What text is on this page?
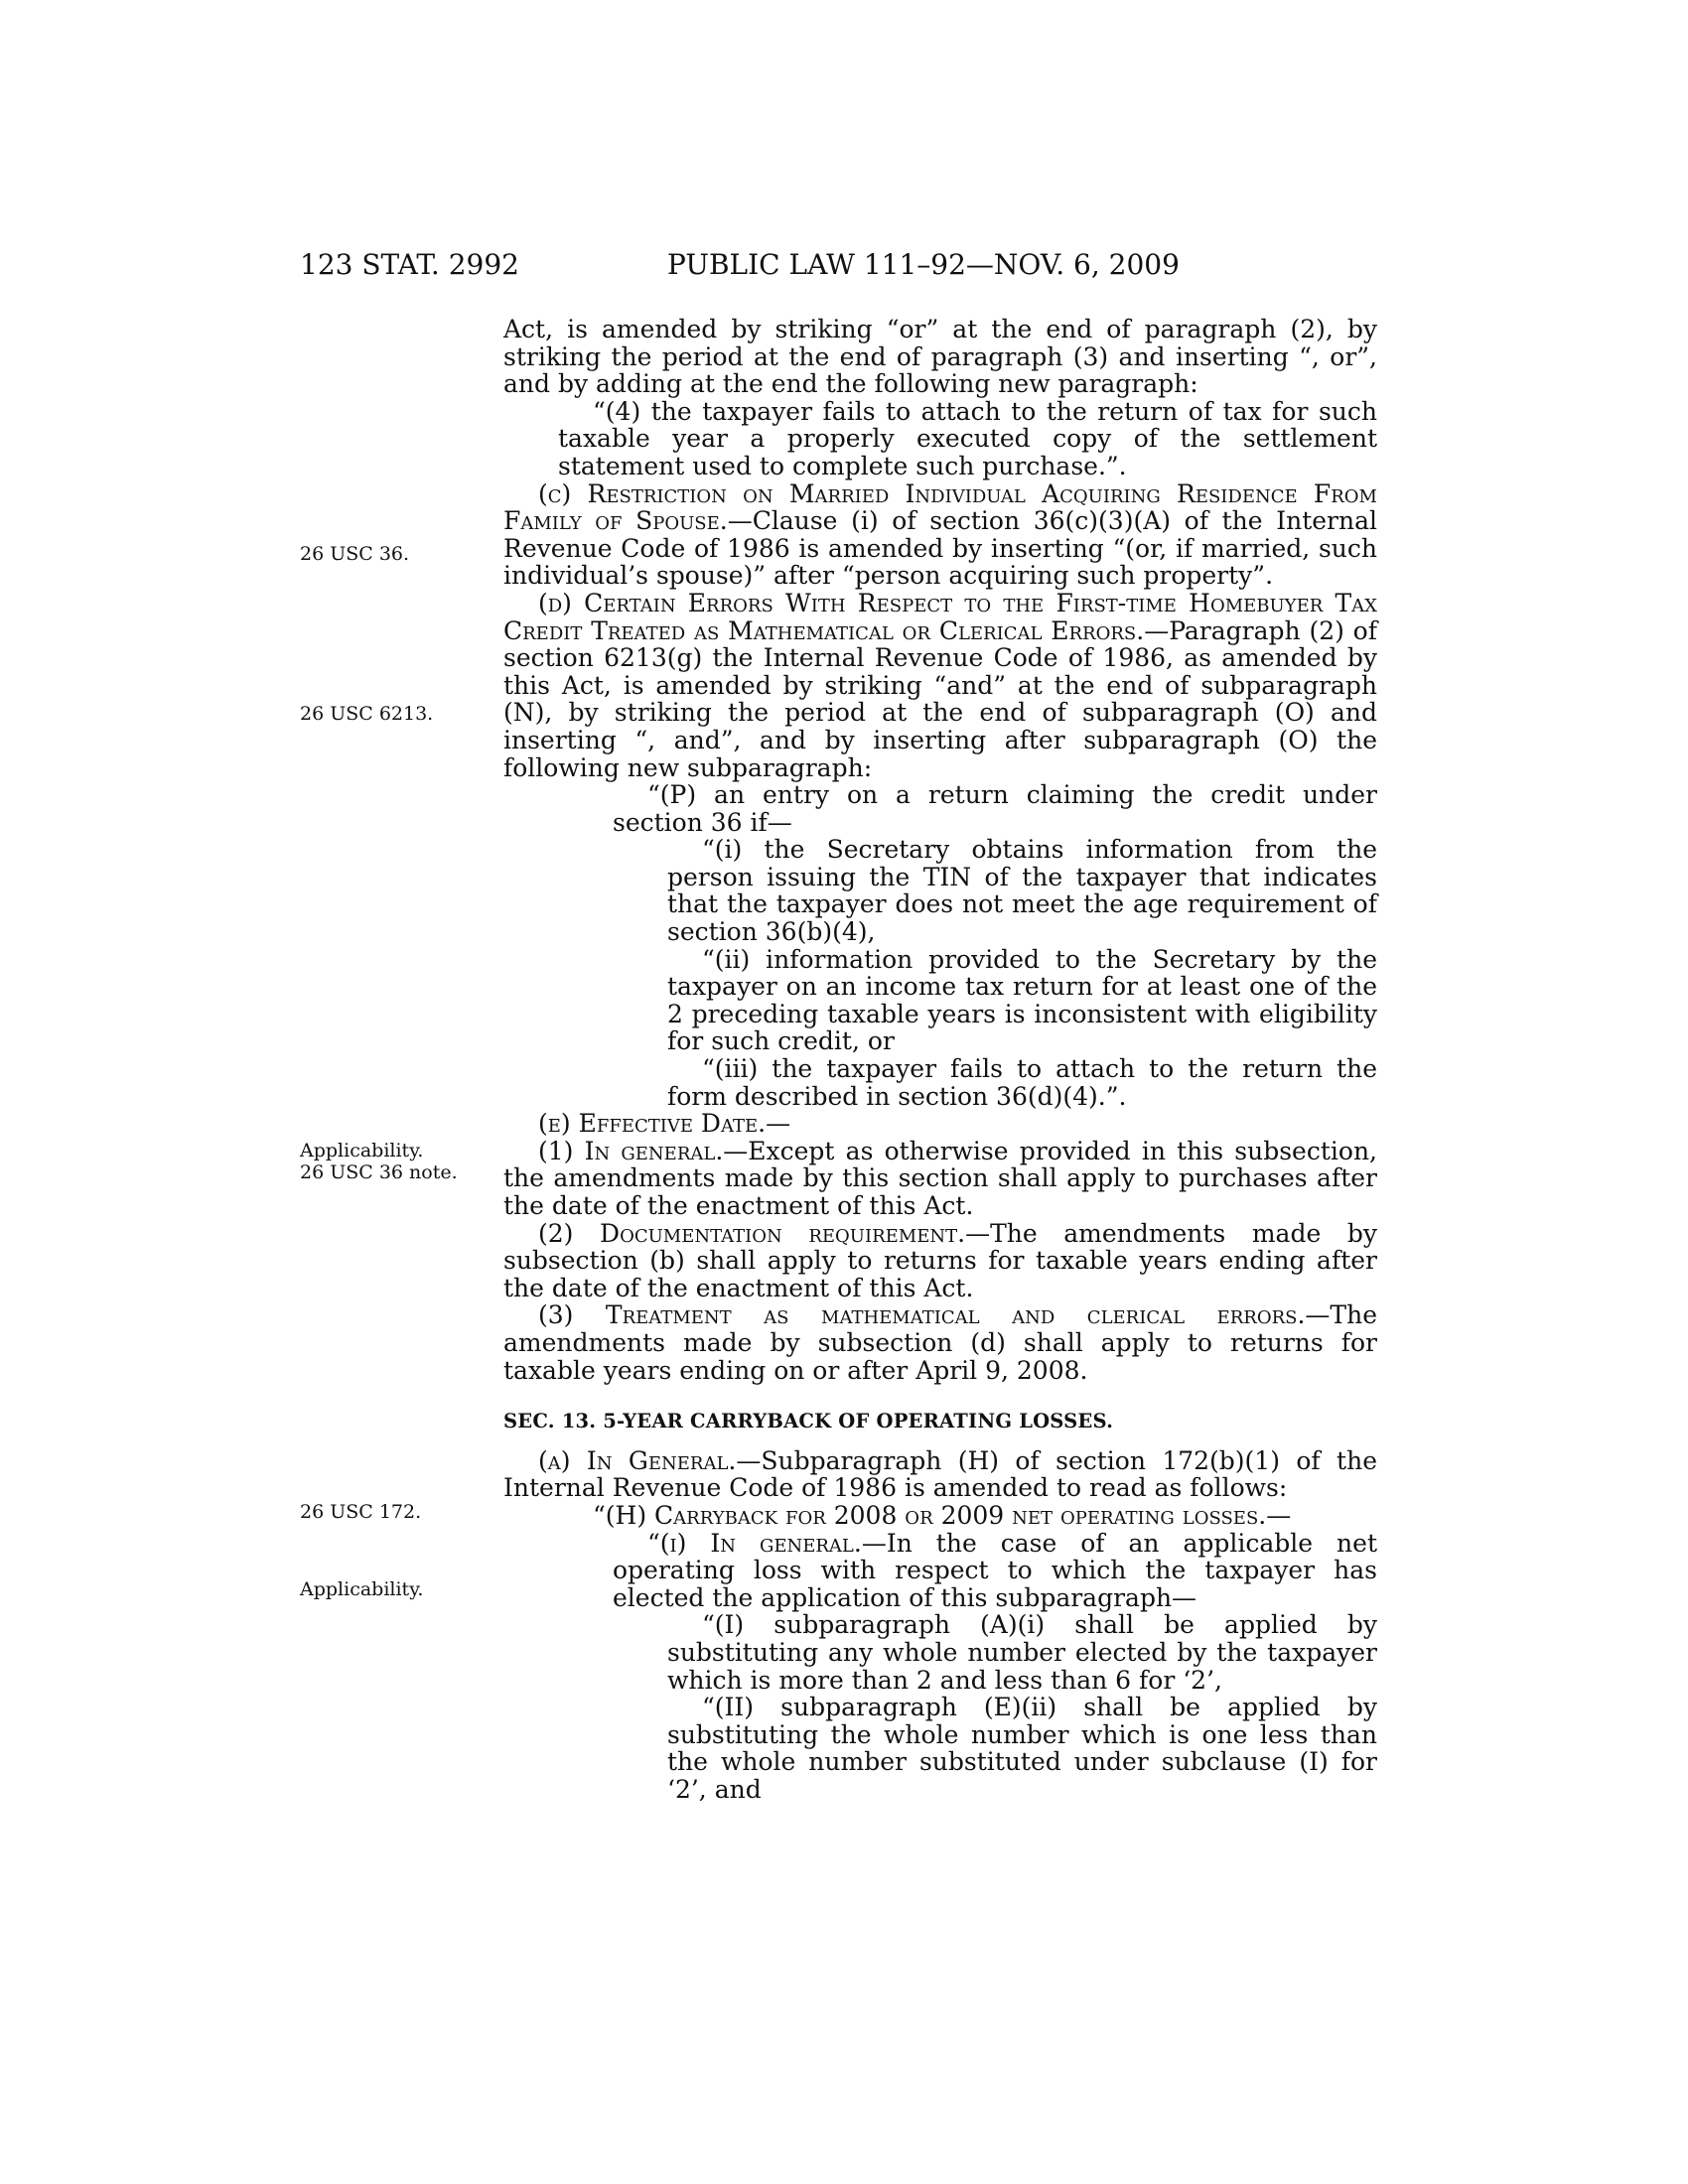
123 STAT. 2992	PUBLIC LAW 111–92—NOV. 6, 2009
26 USC 36.
26 USC 6213.
Applicability.
26 USC 36 note.
26 USC 172.
Applicability.

Act, is amended by striking “or” at the end of paragraph (2), by striking the period at the end of paragraph (3) and inserting “, or”, and by adding at the end the following new paragraph:

“(4) the taxpayer fails to attach to the return of tax for such taxable year a properly executed copy of the settlement statement used to complete such purchase.”.

(c) Restriction on Married Individual Acquiring Residence From Family of Spouse.—Clause (i) of section 36(c)(3)(A) of the Internal Revenue Code of 1986 is amended by inserting “(or, if married, such individual’s spouse)” after “person acquiring such property”.

(d) Certain Errors With Respect to the First-time Homebuyer Tax Credit Treated as Mathematical or Clerical Errors.—Paragraph (2) of section 6213(g) the Internal Revenue Code of 1986, as amended by this Act, is amended by striking “and” at the end of subparagraph (N), by striking the period at the end of subparagraph (O) and inserting “, and”, and by inserting after subparagraph (O) the following new subparagraph:

“(P) an entry on a return claiming the credit under section 36 if—

“(i) the Secretary obtains information from the person issuing the TIN of the taxpayer that indicates that the taxpayer does not meet the age requirement of section 36(b)(4),

“(ii) information provided to the Secretary by the taxpayer on an income tax return for at least one of the 2 preceding taxable years is inconsistent with eligibility for such credit, or

“(iii) the taxpayer fails to attach to the return the form described in section 36(d)(4).”.

(e) Effective Date.—

(1) In general.—Except as otherwise provided in this subsection, the amendments made by this section shall apply to purchases after the date of the enactment of this Act.

(2) Documentation requirement.—The amendments made by subsection (b) shall apply to returns for taxable years ending after the date of the enactment of this Act.

(3) Treatment as mathematical and clerical errors.—The amendments made by subsection (d) shall apply to returns for taxable years ending on or after April 9, 2008.

SEC. 13. 5-YEAR CARRYBACK OF OPERATING LOSSES.

(a) In General.—Subparagraph (H) of section 172(b)(1) of the Internal Revenue Code of 1986 is amended to read as follows:

“(H) Carryback for 2008 or 2009 net operating losses.—

“(i) In general.—In the case of an applicable net operating loss with respect to which the taxpayer has elected the application of this subparagraph—

“(I) subparagraph (A)(i) shall be applied by substituting any whole number elected by the taxpayer which is more than 2 and less than 6 for ‘2’,

“(II) subparagraph (E)(ii) shall be applied by substituting the whole number which is one less than the whole number substituted under subclause (I) for ‘2’, and
